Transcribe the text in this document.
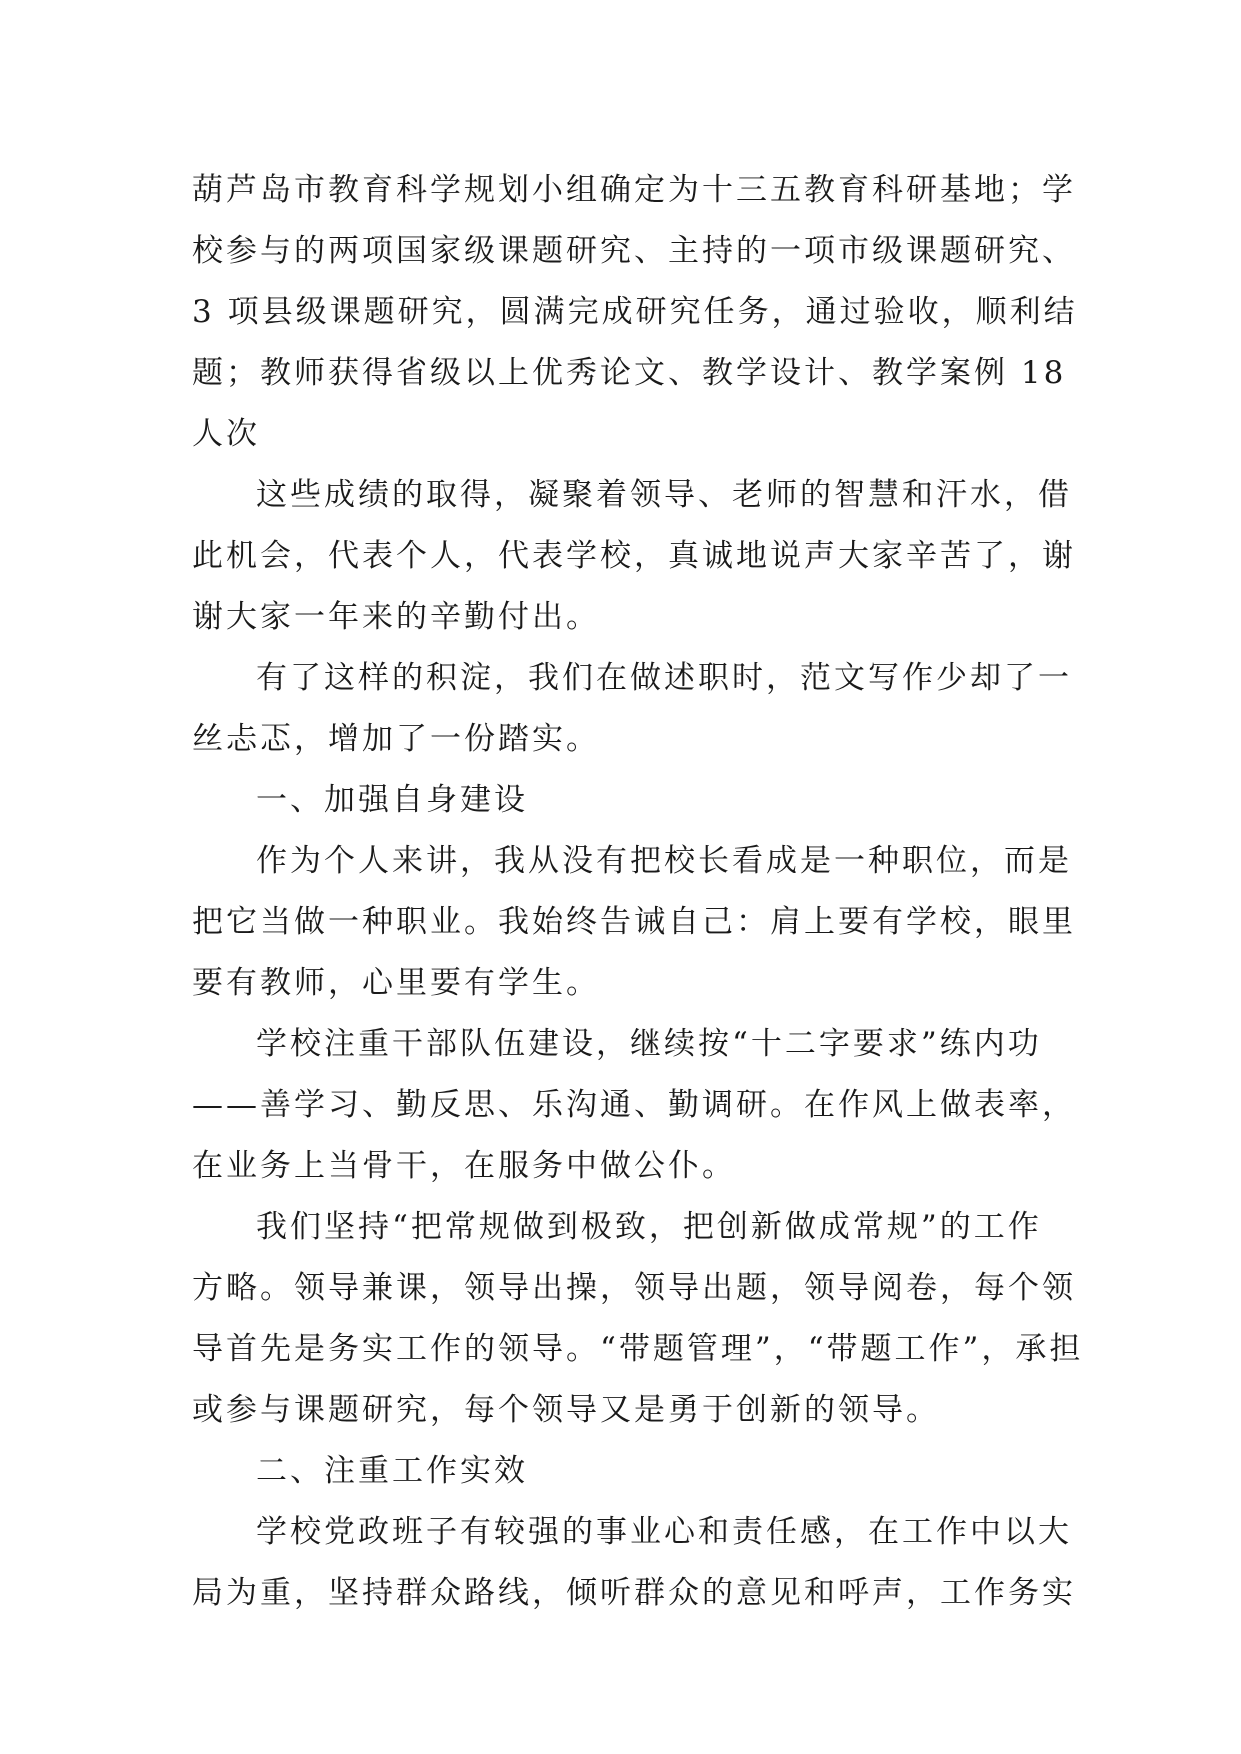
葫芦岛市教育科学规划小组确定为十三五教育科研基地；学
校参与的两项国家级课题研究、主持的一项市级课题研究、
3 项县级课题研究，圆满完成研究任务，通过验收，顺利结
题；教师获得省级以上优秀论文、教学设计、教学案例 18
人次

这些成绩的取得，凝聚着领导、老师的智慧和汗水，借
此机会，代表个人，代表学校，真诚地说声大家辛苦了，谢
谢大家一年来的辛勤付出。

有了这样的积淀，我们在做述职时，范文写作少却了一
丝忐忑，增加了一份踏实。

一、加强自身建设

作为个人来讲，我从没有把校长看成是一种职位，而是
把它当做一种职业。我始终告诫自己：肩上要有学校，眼里
要有教师，心里要有学生。

学校注重干部队伍建设，继续按“十二字要求”练内功
——善学习、勤反思、乐沟通、勤调研。在作风上做表率，
在业务上当骨干，在服务中做公仆。

我们坚持“把常规做到极致，把创新做成常规”的工作
方略。领导兼课，领导出操，领导出题，领导阅卷，每个领
导首先是务实工作的领导。“带题管理”，“带题工作”，承担
或参与课题研究，每个领导又是勇于创新的领导。

二、注重工作实效

学校党政班子有较强的事业心和责任感，在工作中以大
局为重，坚持群众路线，倾听群众的意见和呼声，工作务实
